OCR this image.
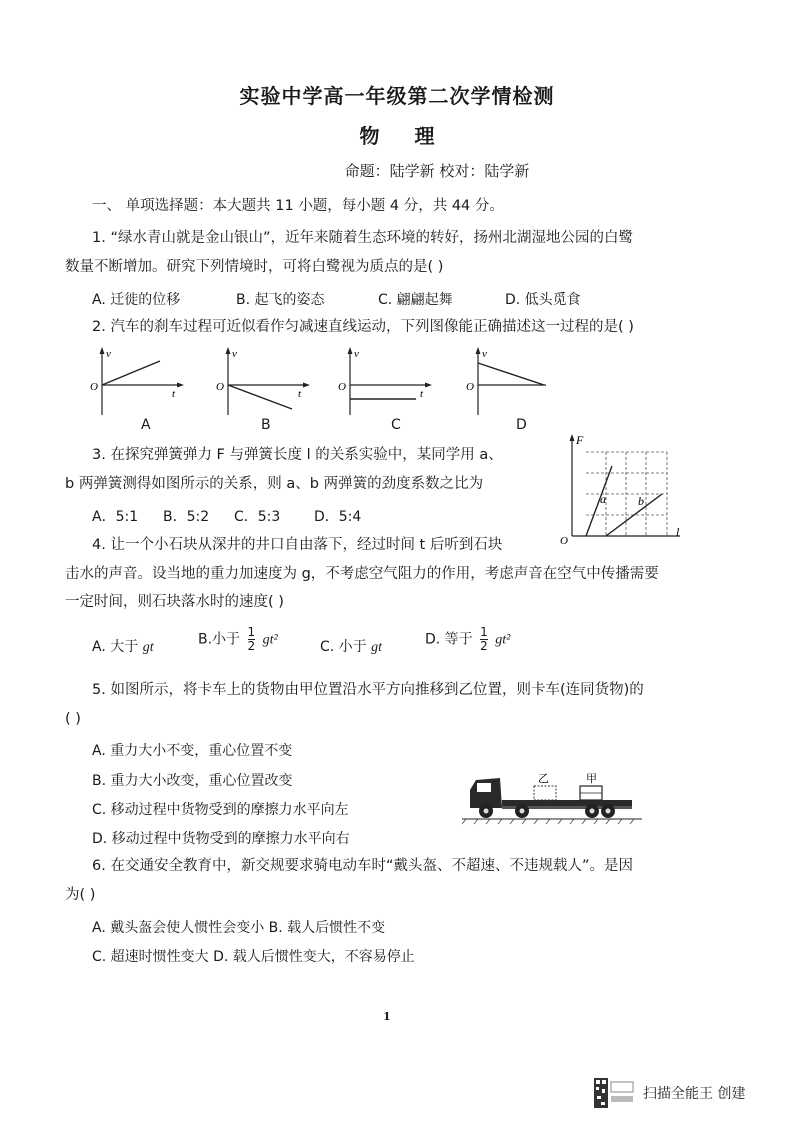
实验中学高一年级第二次学情检测
物 理
命题：陆学新 校对：陆学新
一、 单项选择题：本大题共 11 小题，每小题 4 分，共 44 分。
1. “绿水青山就是金山银山”，近年来随着生态环境的转好，扬州北湖湿地公园的白鹭
数量不断增加。研究下列情境时，可将白鹭视为质点的是( )
A. 迁徙的位移	B. 起飞的姿态	C. 翩翩起舞	D. 低头觅食
2. 汽车的刹车过程可近似看作匀减速直线运动，下列图像能正确描述这一过程的是( )
v
t
O
v
t
O
v
t
O
v
O
A	B	C	D
3. 在探究弹簧弹力 F 与弹簧长度 l 的关系实验中，某同学用 a、
b 两弹簧测得如图所示的关系，则 a、b 两弹簧的劲度系数之比为
A．5:1 B．5:2 C．5:3 D．5:4
F
l
O
a	b
4. 让一个小石块从深井的井口自由落下，经过时间 t 后听到石块
击水的声音。设当地的重力加速度为 g，不考虑空气阻力的作用，考虑声音在空气中传播需要
一定时间，则石块落水时的速度( )
A. 大于 gt	B.小于 $\frac{1}{2} gt^2$	C. 小于 gt	D. 等于 $\frac{1}{2} gt^2$
5. 如图所示，将卡车上的货物由甲位置沿水平方向推移到乙位置，则卡车(连同货物)的
( )
A. 重力大小不变，重心位置不变
B. 重力大小改变，重心位置改变
C. 移动过程中货物受到的摩擦力水平向左
D. 移动过程中货物受到的摩擦力水平向右
乙	甲
6. 在交通安全教育中，新交规要求骑电动车时“戴头盔、不超速、不违规载人”。是因
为( )
A. 戴头盔会使人惯性会变小 B. 载人后惯性不变
C. 超速时惯性变大 D. 载人后惯性变大，不容易停止
1
扫描全能王 创建
